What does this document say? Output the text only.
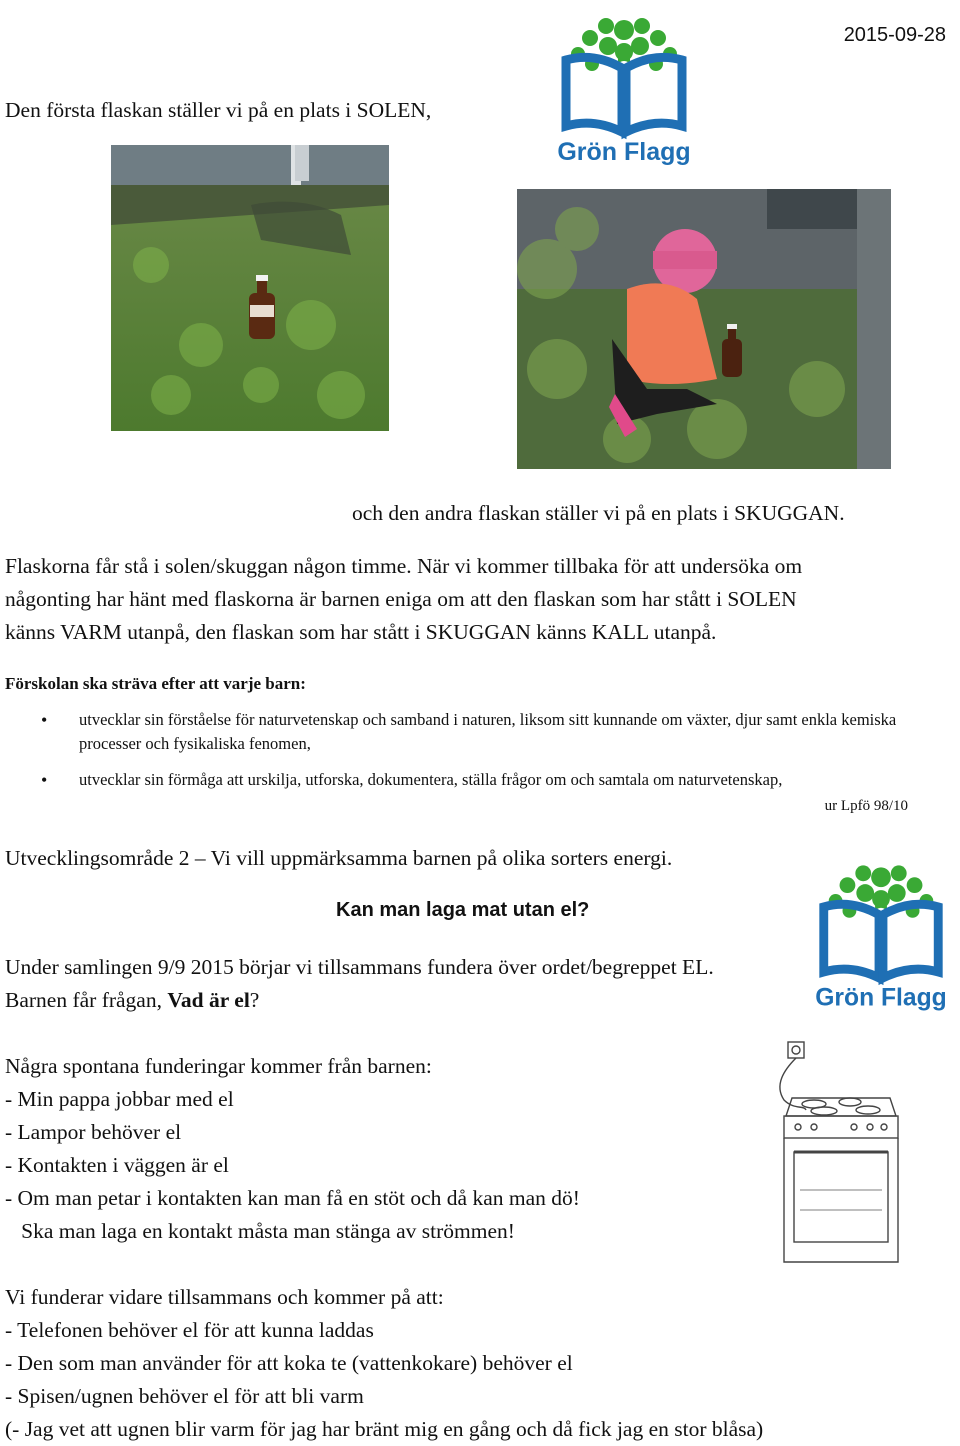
2015-09-28
Grön Flagg
Den första flaskan ställer vi på en plats i SOLEN,
och den andra flaskan ställer vi på en plats i SKUGGAN.
Flaskorna får stå i solen/skuggan någon timme. När vi kommer tillbaka för att undersöka om
någonting har hänt med flaskorna är barnen eniga om att den flaskan som har stått i SOLEN
känns VARM utanpå, den flaskan som har stått i SKUGGAN känns KALL utanpå.
Förskolan ska sträva efter att varje barn:
• utvecklar sin förståelse för naturvetenskap och samband i naturen, liksom sitt kunnande om växter, djur samt enkla kemiska processer och fysikaliska fenomen,
• utvecklar sin förmåga att urskilja, utforska, dokumentera, ställa frågor om och samtala om naturvetenskap,
ur Lpfö 98/10
Utvecklingsområde 2 – Vi vill uppmärksamma barnen på olika sorters energi.
Grön Flagg
Kan man laga mat utan el?
Under samlingen 9/9 2015 börjar vi tillsammans fundera över ordet/begreppet EL.
Barnen får frågan, Vad är el?
Några spontana funderingar kommer från barnen:
- Min pappa jobbar med el
- Lampor behöver el
- Kontakten i väggen är el
- Om man petar i kontakten kan man få en stöt och då kan man dö!
Ska man laga en kontakt måsta man stänga av strömmen!
Vi funderar vidare tillsammans och kommer på att:
- Telefonen behöver el för att kunna laddas
- Den som man använder för att koka te (vattenkokare) behöver el
- Spisen/ugnen behöver el för att bli varm
(- Jag vet att ugnen blir varm för jag har bränt mig en gång och då fick jag en stor blåsa)
